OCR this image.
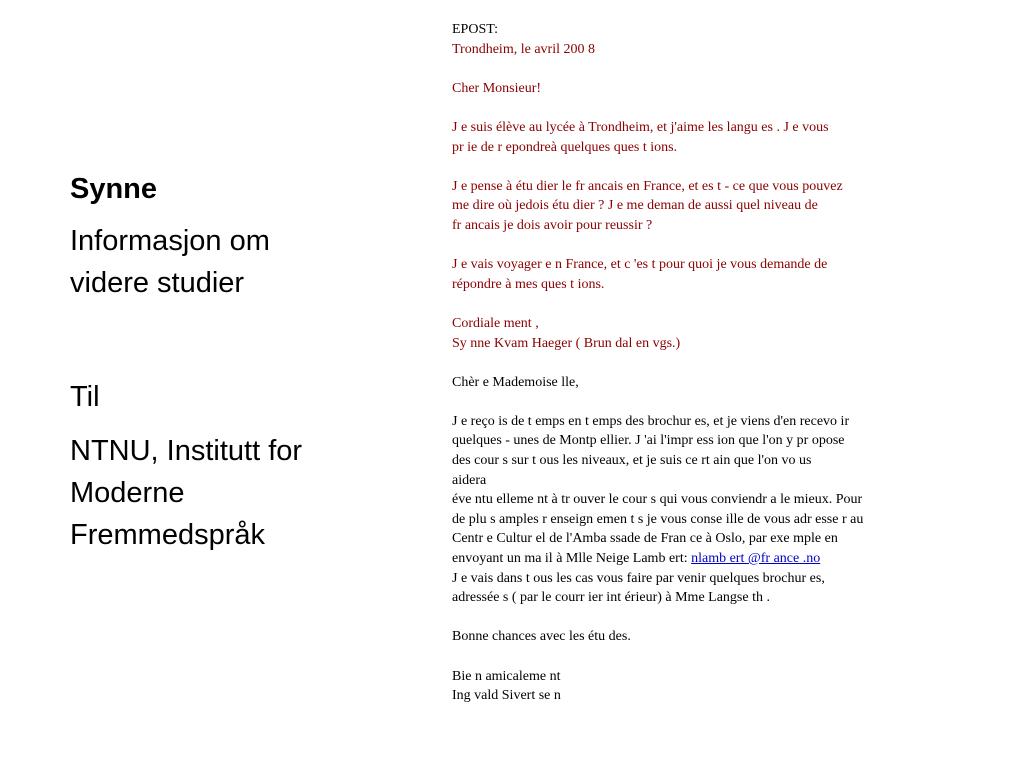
Synne

Informasjon om

videre studier

Til

NTNU, Institutt for

Moderne

Fremmedspråk

EPOST:
Trondheim, le avril 200 8
Cher Monsieur!
J e suis élève au lycée à Trondheim, et j'aime les langu es . J e vous
pr ie de r epondreà quelques ques t ions.
J e pense à étu dier le fr ancais en France, et es t - ce que vous pouvez
me dire où jedois étu dier ? J e me deman de aussi quel niveau de
fr ancais je dois avoir pour reussir ?
J e vais voyager e n France, et c 'es t pour quoi je vous demande de
répondre à mes ques t ions.
Cordiale ment ,
Sy nne Kvam Haeger ( Brun dal en vgs.)
Chèr e Mademoise lle,
J e reço is de t emps en t emps des brochur es, et je viens d'en recevo ir
quelques - unes de Montp ellier. J 'ai l'impr ess ion que l'on y pr opose
des cour s sur t ous les niveaux, et je suis ce rt ain que l'on vo us
aidera
éve ntu elleme nt à tr ouver le cour s qui vous conviendr a le mieux. Pour
de plu s amples r enseign emen t s je vous conse ille de vous adr esse r au
Centr e Cultur el de l'Amba ssade de Fran ce à Oslo, par exe mple en
envoyant un ma il à Mlle Neige Lamb ert: nlamb ert @fr ance .no
J e vais dans t ous les cas vous faire par venir quelques brochur es,
adressée s ( par le courr ier int érieur) à Mme Langse th .
Bonne chances avec les étu des.
Bie n amicaleme nt
Ing vald Sivert se n
